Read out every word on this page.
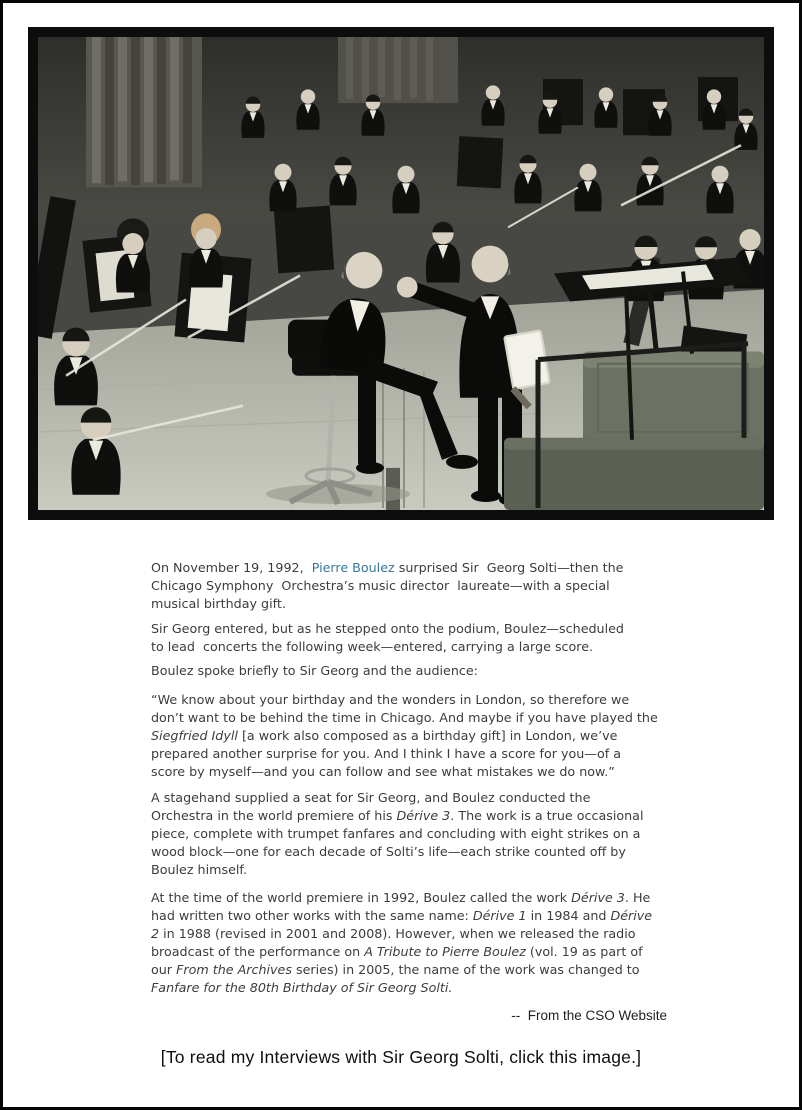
On November 19, 1992,  Pierre Boulez surprised Sir  Georg Solti—then the
Chicago Symphony  Orchestra’s music director  laureate—with a special
musical birthday gift.

Sir Georg entered, but as he stepped onto the podium, Boulez—scheduled
to lead  concerts the following week—entered, carrying a large score.

Boulez spoke briefly to Sir Georg and the audience:

“We know about your birthday and the wonders in London, so therefore we
don’t want to be behind the time in Chicago. And maybe if you have played the
Siegfried Idyll [a work also composed as a birthday gift] in London, we’ve
prepared another surprise for you. And I think I have a score for you—of a
score by myself—and you can follow and see what mistakes we do now.”

A stagehand supplied a seat for Sir Georg, and Boulez conducted the
Orchestra in the world premiere of his Dérive 3. The work is a true occasional
piece, complete with trumpet fanfares and concluding with eight strikes on a
wood block—one for each decade of Solti’s life—each strike counted off by
Boulez himself.

At the time of the world premiere in 1992, Boulez called the work Dérive 3. He
had written two other works with the same name: Dérive 1 in 1984 and Dérive
2 in 1988 (revised in 2001 and 2008). However, when we released the radio
broadcast of the performance on A Tribute to Pierre Boulez (vol. 19 as part of
our From the Archives series) in 2005, the name of the work was changed to
Fanfare for the 80th Birthday of Sir Georg Solti.

--  From the CSO Website
[To read my Interviews with Sir Georg Solti, click this image.]
